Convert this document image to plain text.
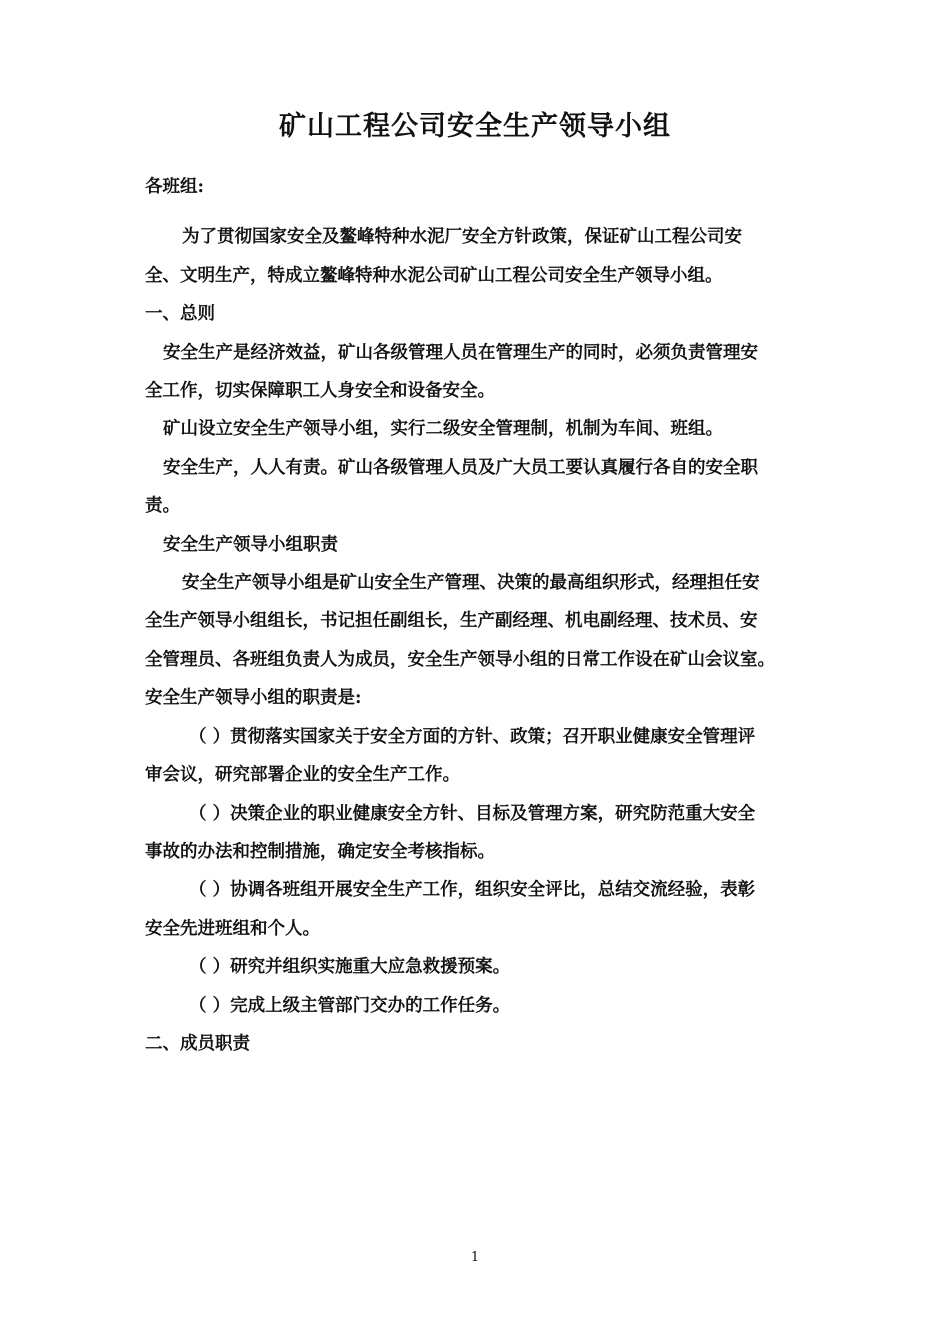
矿山工程公司安全生产领导小组

各班组:

为了贯彻国家安全及鳌峰特种水泥厂安全方针政策，保证矿山工程公司安

全、文明生产，特成立鳌峰特种水泥公司矿山工程公司安全生产领导小组。

一、总则

安全生产是经济效益，矿山各级管理人员在管理生产的同时，必须负责管理安

全工作，切实保障职工人身安全和设备安全。

矿山设立安全生产领导小组，实行二级安全管理制，机制为车间、班组。

安全生产，人人有责。矿山各级管理人员及广大员工要认真履行各自的安全职

责。

安全生产领导小组职责

安全生产领导小组是矿山安全生产管理、决策的最高组织形式，经理担任安

全生产领导小组组长，书记担任副组长，生产副经理、机电副经理、技术员、安

全管理员、各班组负责人为成员，安全生产领导小组的日常工作设在矿山会议室。

安全生产领导小组的职责是:

（ ）贯彻落实国家关于安全方面的方针、政策；召开职业健康安全管理评

审会议，研究部署企业的安全生产工作。

（ ）决策企业的职业健康安全方针、目标及管理方案，研究防范重大安全

事故的办法和控制措施，确定安全考核指标。

（ ）协调各班组开展安全生产工作，组织安全评比，总结交流经验，表彰

安全先进班组和个人。

（ ）研究并组织实施重大应急救援预案。

（ ）完成上级主管部门交办的工作任务。

二、成员职责

1
